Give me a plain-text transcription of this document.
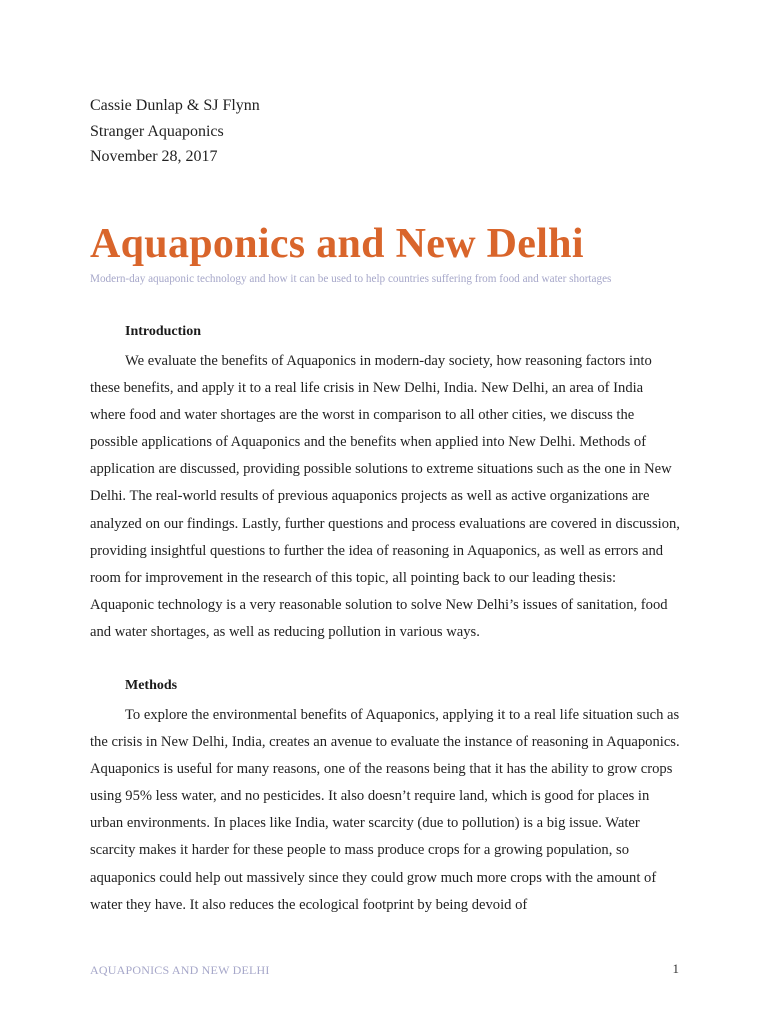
Cassie Dunlap & SJ Flynn
Stranger Aquaponics
November 28, 2017
Aquaponics and New Delhi
Modern-day aquaponic technology and how it can be used to help countries suffering from food and water shortages
Introduction

We evaluate the benefits of Aquaponics in modern-day society, how reasoning factors into these benefits, and apply it to a real life crisis in New Delhi, India. New Delhi, an area of India where food and water shortages are the worst in comparison to all other cities, we discuss the possible applications of Aquaponics and the benefits when applied into New Delhi. Methods of application are discussed, providing possible solutions to extreme situations such as the one in New Delhi. The real-world results of previous aquaponics projects as well as active organizations are analyzed on our findings. Lastly, further questions and process evaluations are covered in discussion, providing insightful questions to further the idea of reasoning in Aquaponics, as well as errors and room for improvement in the research of this topic, all pointing back to our leading thesis: Aquaponic technology is a very reasonable solution to solve New Delhi’s issues of sanitation, food and water shortages, as well as reducing pollution in various ways.

Methods

To explore the environmental benefits of Aquaponics, applying it to a real life situation such as the crisis in New Delhi, India, creates an avenue to evaluate the instance of reasoning in Aquaponics. Aquaponics is useful for many reasons, one of the reasons being that it has the ability to grow crops using 95% less water, and no pesticides. It also doesn’t require land, which is good for places in urban environments. In places like India, water scarcity (due to pollution) is a big issue. Water scarcity makes it harder for these people to mass produce crops for a growing population, so aquaponics could help out massively since they could grow much more crops with the amount of water they have. It also reduces the ecological footprint by being devoid of

AQUAPONICS AND NEW DELHI	1
